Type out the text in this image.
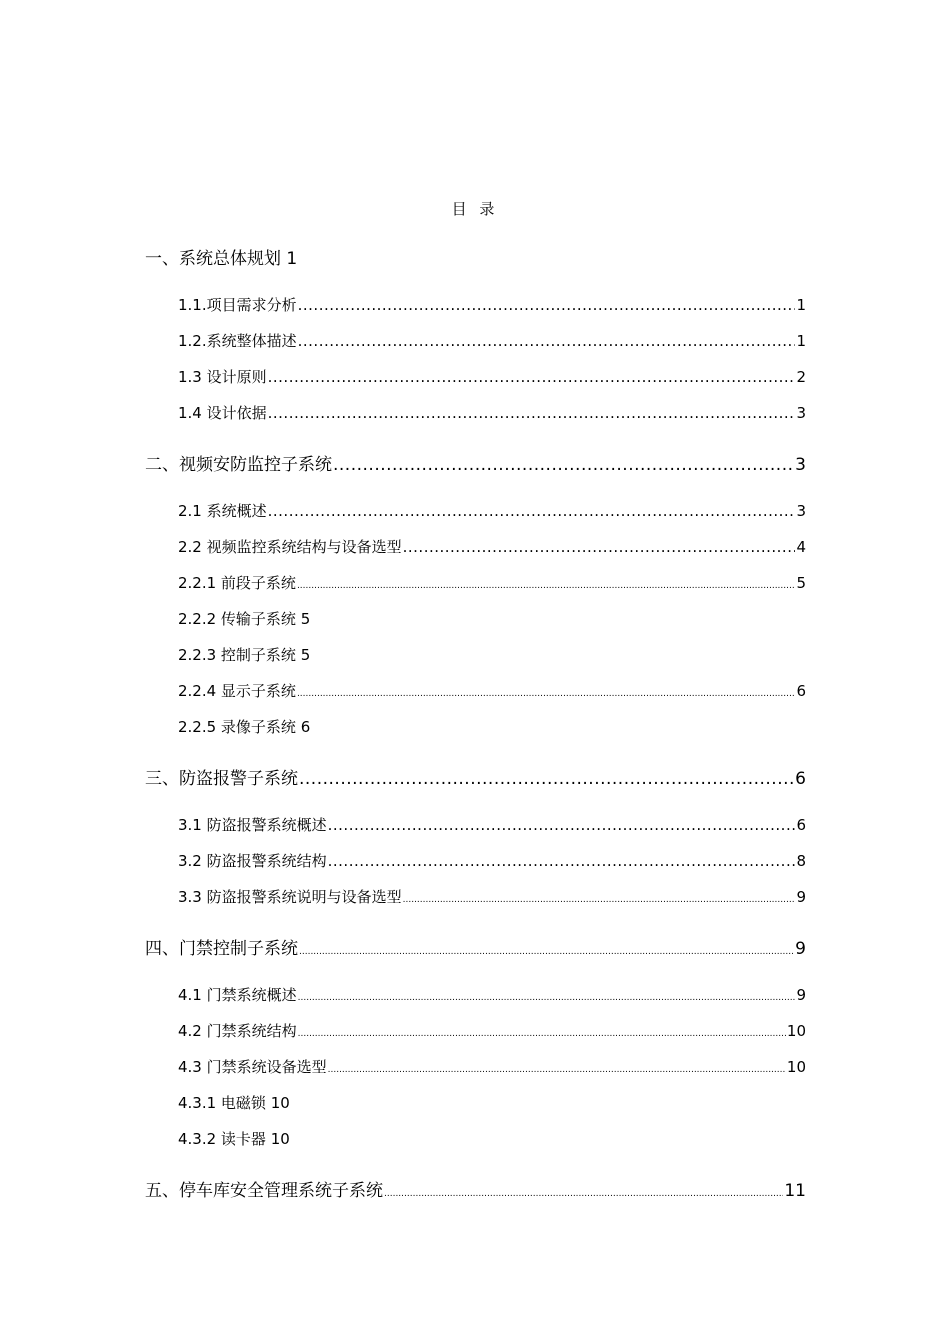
目 录
一、系统总体规划 1
1.1.项目需求分析 .....	1
1.2.系统整体描述 .....	1
1.3 设计原则 .....	2
1.4 设计依据 .....	3
二、视频安防监控子系统 .....	3
2.1 系统概述 .....	3
2.2 视频监控系统结构与设备选型 .....	4
2.2.1 前段子系统 .....	5
2.2.2 传输子系统 5
2.2.3 控制子系统 5
2.2.4 显示子系统 .....	6
2.2.5 录像子系统 6
三、防盗报警子系统 .....	6
3.1 防盗报警系统概述 .....	6
3.2 防盗报警系统结构 .....	8
3.3 防盗报警系统说明与设备选型 .....	9
四、门禁控制子系统 .....	9
4.1 门禁系统概述 .....	9
4.2 门禁系统结构 .....	10
4.3 门禁系统设备选型 .....	10
4.3.1 电磁锁 10
4.3.2 读卡器 10
五、停车库安全管理系统子系统 .....	11
